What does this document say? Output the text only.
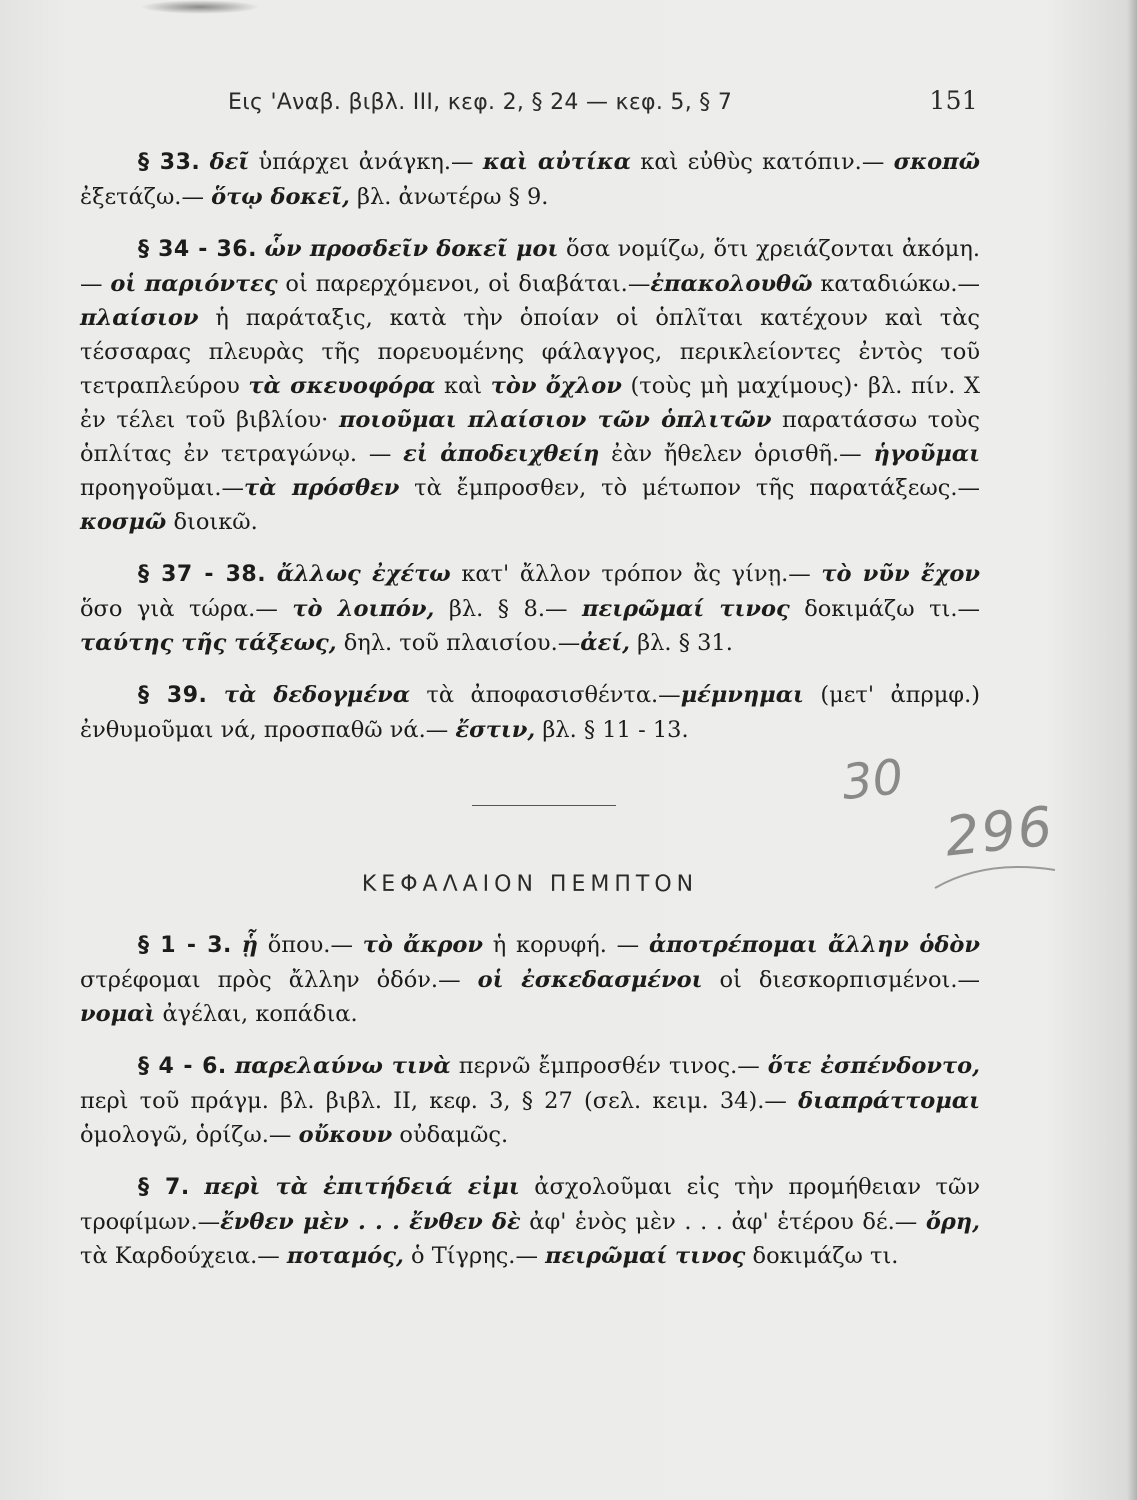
Εις 'Αναβ. βιβλ. III, κεφ. 2, § 24 — κεφ. 5, § 7	151

§ 33. δεῖ ὑπάρχει ἀνάγκη.— καὶ αὐτίκα καὶ εὐθὺς κατόπιν.— σκοπῶ ἐξετάζω.— ὅτῳ δοκεῖ, βλ. ἀνωτέρω § 9.

§ 34 - 36. ὧν προσδεῖν δοκεῖ μοι ὅσα νομίζω, ὅτι χρειάζονται ἀκόμη.— οἱ παριόντες οἱ παρερχόμενοι, οἱ διαβάται.—ἐπακολουθῶ καταδιώκω.— πλαίσιον ἡ παράταξις, κατὰ τὴν ὁποίαν οἱ ὁπλῖται κατέχουν καὶ τὰς τέσσαρας πλευρὰς τῆς πορευομένης φάλαγγος, περικλείοντες ἐντὸς τοῦ τετραπλεύρου τὰ σκευοφόρα καὶ τὸν ὄχλον (τοὺς μὴ μαχίμους)· βλ. πίν. Χ ἐν τέλει τοῦ βιβλίου· ποιοῦμαι πλαίσιον τῶν ὁπλιτῶν παρατάσσω τοὺς ὁπλίτας ἐν τετραγώνῳ. — εἰ ἀποδειχθείη ἐὰν ἤθελεν ὁρισθῆ.— ἡγοῦμαι προηγοῦμαι.—τὰ πρόσθεν τὰ ἔμπροσθεν, τὸ μέτωπον τῆς παρατάξεως.—κοσμῶ διοικῶ.

§ 37 - 38. ἄλλως ἐχέτω κατ' ἄλλον τρόπον ἂς γίνῃ.— τὸ νῦν ἔχον ὅσο γιὰ τώρα.— τὸ λοιπόν, βλ. § 8.— πειρῶμαί τινος δοκιμάζω τι.— ταύτης τῆς τάξεως, δηλ. τοῦ πλαισίου.—ἀεί, βλ. § 31.

§ 39. τὰ δεδογμένα τὰ ἀποφασισθέντα.—μέμνημαι (μετ' ἀπρμφ.) ἐνθυμοῦμαι νά, προσπαθῶ νά.— ἔστιν, βλ. § 11 - 13.

30
296
ΚΕΦΑΛΑΙΟΝ ΠΕΜΠΤΟΝ

§ 1 - 3. ᾗ ὅπου.— τὸ ἄκρον ἡ κορυφή. — ἀποτρέπομαι ἄλλην ὁδὸν στρέφομαι πρὸς ἄλλην ὁδόν.— οἱ ἐσκεδασμένοι οἱ διεσκορπισμένοι.— νομαὶ ἀγέλαι, κοπάδια.

§ 4 - 6. παρελαύνω τινὰ περνῶ ἔμπροσθέν τινος.— ὅτε ἐσπένδοντο, περὶ τοῦ πράγμ. βλ. βιβλ. II, κεφ. 3, § 27 (σελ. κειμ. 34).— διαπράττομαι ὁμολογῶ, ὁρίζω.— οὔκουν οὐδαμῶς.

§ 7. περὶ τὰ ἐπιτήδειά εἰμι ἀσχολοῦμαι εἰς τὴν προμήθειαν τῶν τροφίμων.—ἔνθεν μὲν . . . ἔνθεν δὲ ἀφ' ἑνὸς μὲν . . . ἀφ' ἑτέρου δέ.— ὄρη, τὰ Καρδούχεια.— ποταμός, ὁ Τίγρης.— πειρῶμαί τινος δοκιμάζω τι.
